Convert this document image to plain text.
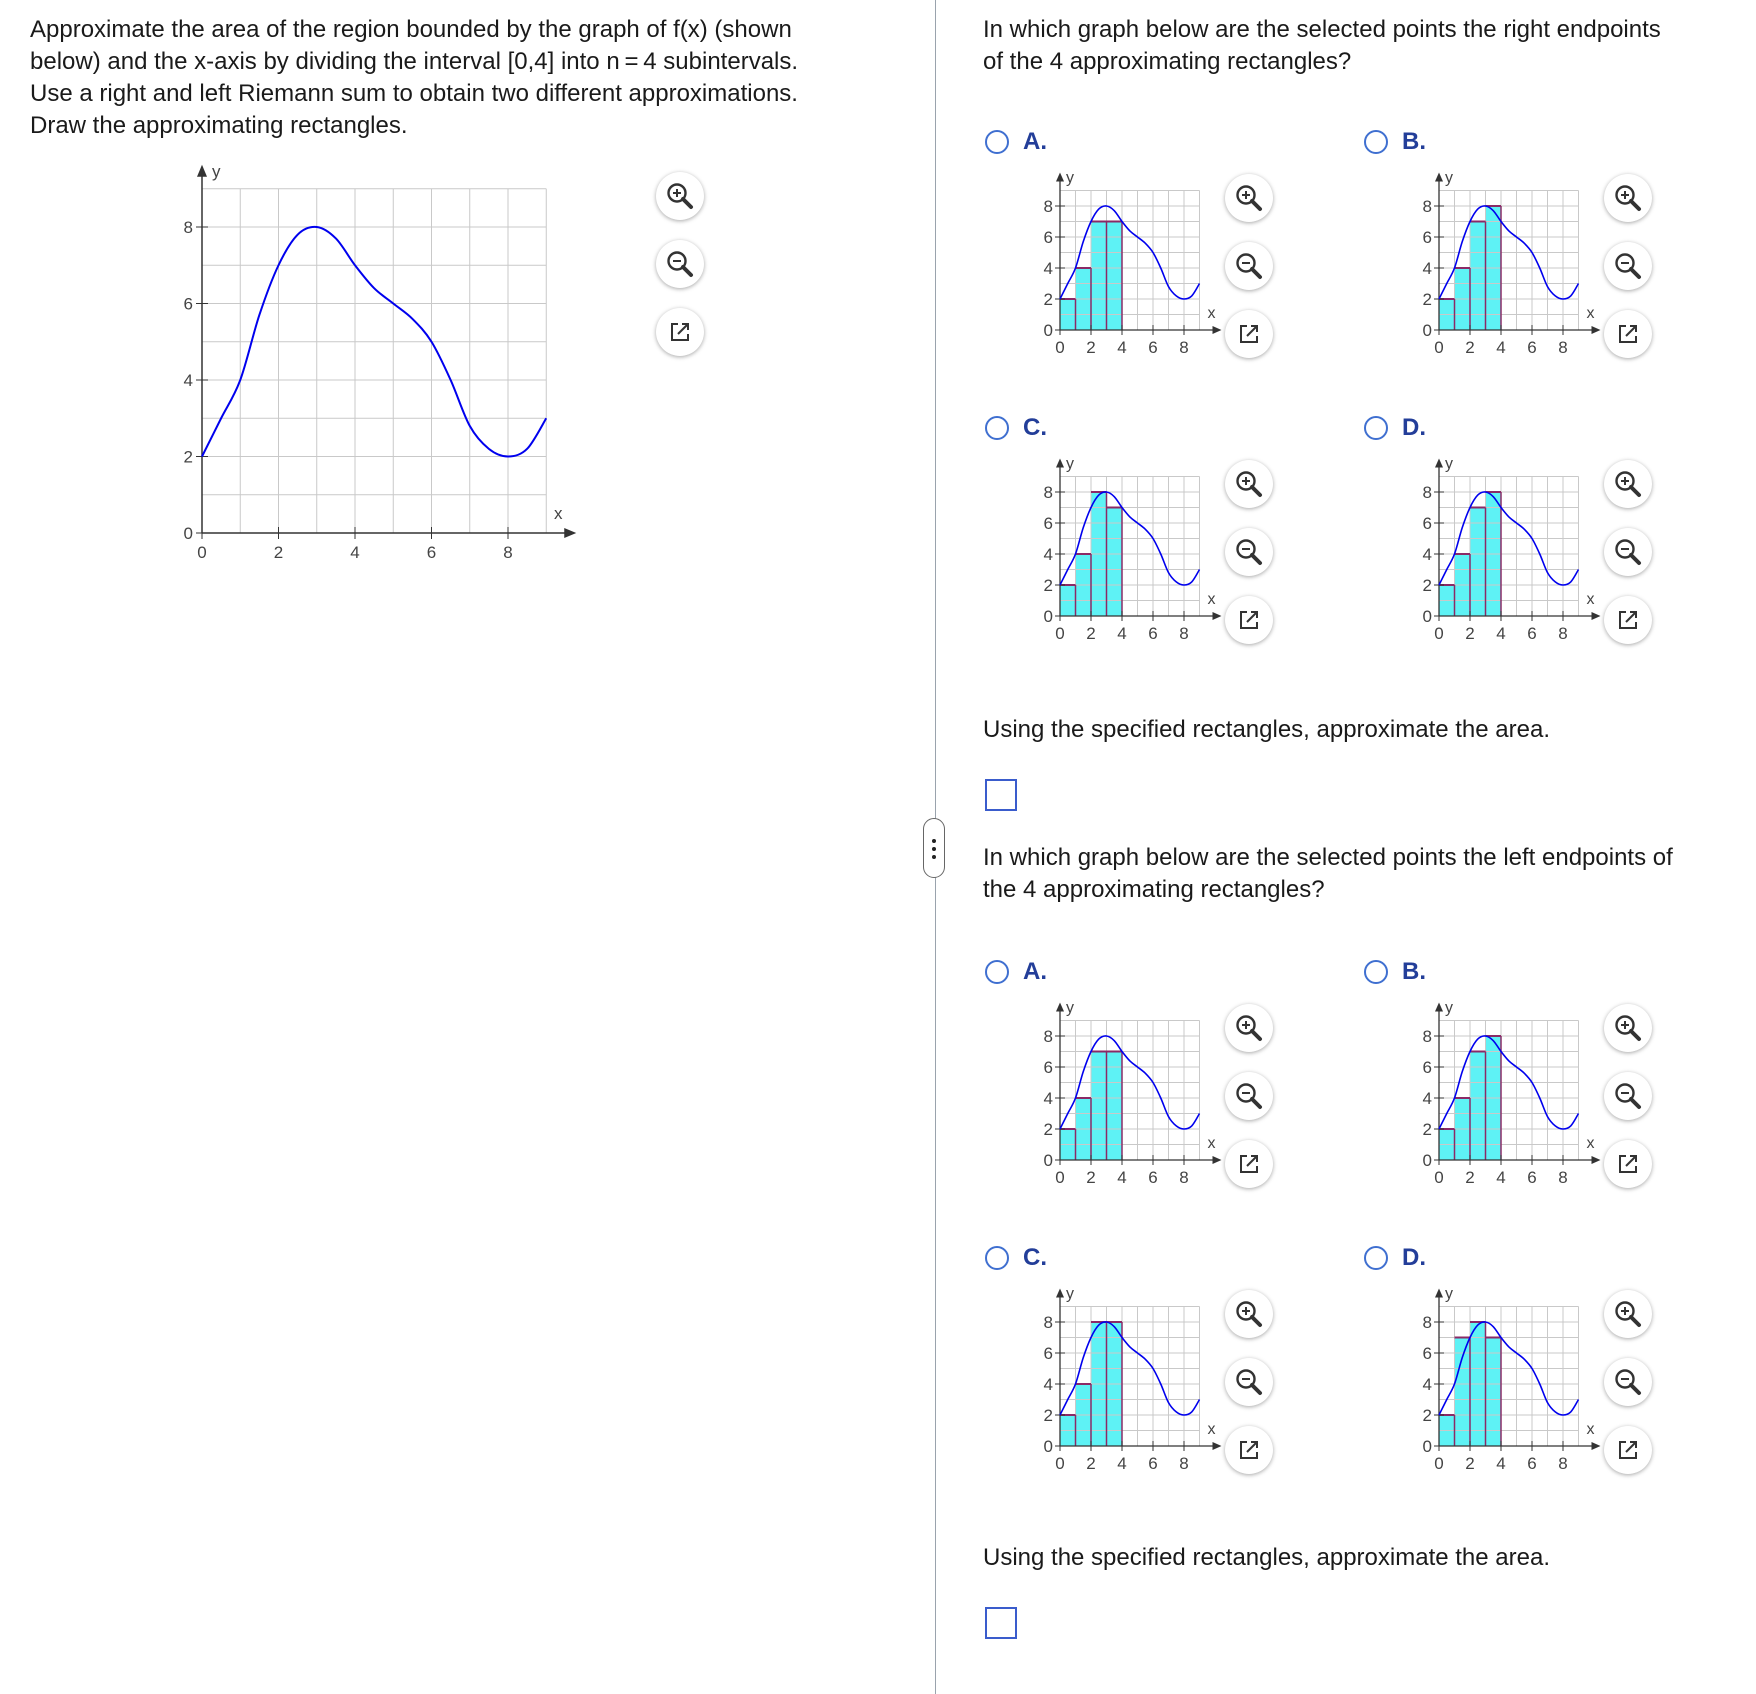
Approximate the area of the region bounded by the graph of f(x) (shown
below) and the x-axis by dividing the interval [0,4] into n = 4 subintervals.
Use a right and left Riemann sum to obtain two different approximations.
Draw the approximating rectangles.
0	2	4	6	8
0
2
4
6
8
x
y
In which graph below are the selected points the right endpoints
of the 4 approximating rectangles?
A.
0 2 4 6 8
0
2
4
6
8
x
y
B.
0 2 4 6 8
0
2
4
6
8
x
y
C.
0 2 4 6 8
0
2
4
6
8
x
y
D.
0 2 4 6 8
0
2
4
6
8
x
y
Using the specified rectangles, approximate the area.
In which graph below are the selected points the left endpoints of
the 4 approximating rectangles?
A.
0 2 4 6 8
0
2
4
6
8
x
y
B.
0 2 4 6 8
0
2
4
6
8
x
y
C.
0 2 4 6 8
0
2
4
6
8
x
y
D.
0 2 4 6 8
0
2
4
6
8
x
y
Using the specified rectangles, approximate the area.
